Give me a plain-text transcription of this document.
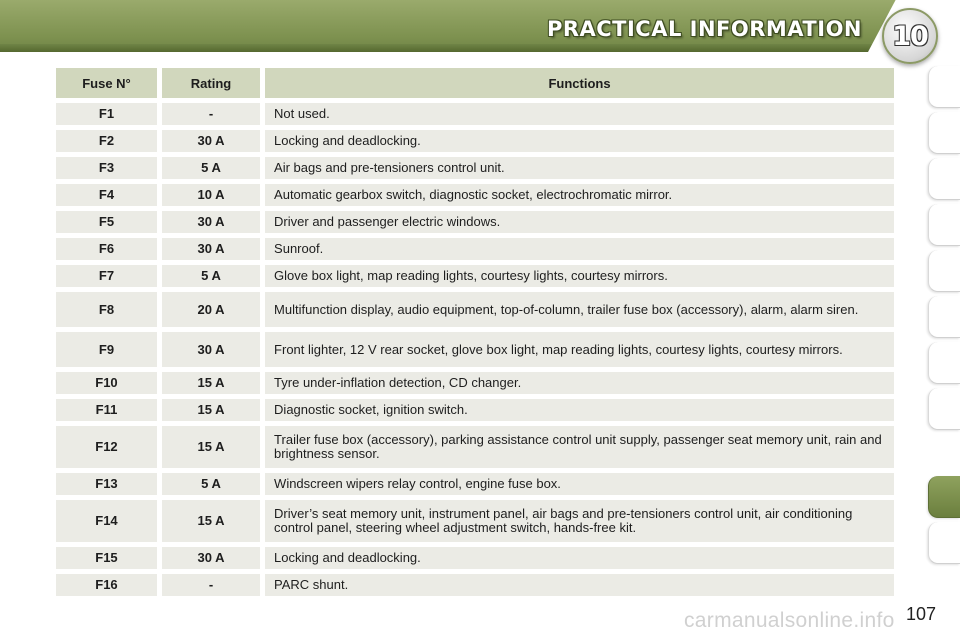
PRACTICAL INFORMATION 10
Fuse N°	Rating	Functions
F1	-	Not used.
F2	30 A	Locking and deadlocking.
F3	5 A	Air bags and pre-tensioners control unit.
F4	10 A	Automatic gearbox switch, diagnostic socket, electrochromatic mirror.
F5	30 A	Driver and passenger electric windows.
F6	30 A	Sunroof.
F7	5 A	Glove box light, map reading lights, courtesy lights, courtesy mirrors.
F8	20 A	Multifunction display, audio equipment, top-of-column, trailer fuse box (accessory), alarm, alarm siren.
F9	30 A	Front lighter, 12 V rear socket, glove box light, map reading lights, courtesy lights, courtesy mirrors.
F10	15 A	Tyre under-inflation detection, CD changer.
F11	15 A	Diagnostic socket, ignition switch.
F12	15 A	Trailer fuse box (accessory), parking assistance control unit supply, passenger seat memory unit, rain and brightness sensor.
F13	5 A	Windscreen wipers relay control, engine fuse box.
F14	15 A	Driver’s seat memory unit, instrument panel, air bags and pre-tensioners control unit, air conditioning control panel, steering wheel adjustment switch, hands-free kit.
F15	30 A	Locking and deadlocking.
F16	-	PARC shunt.
carmanualsonline.info 107
